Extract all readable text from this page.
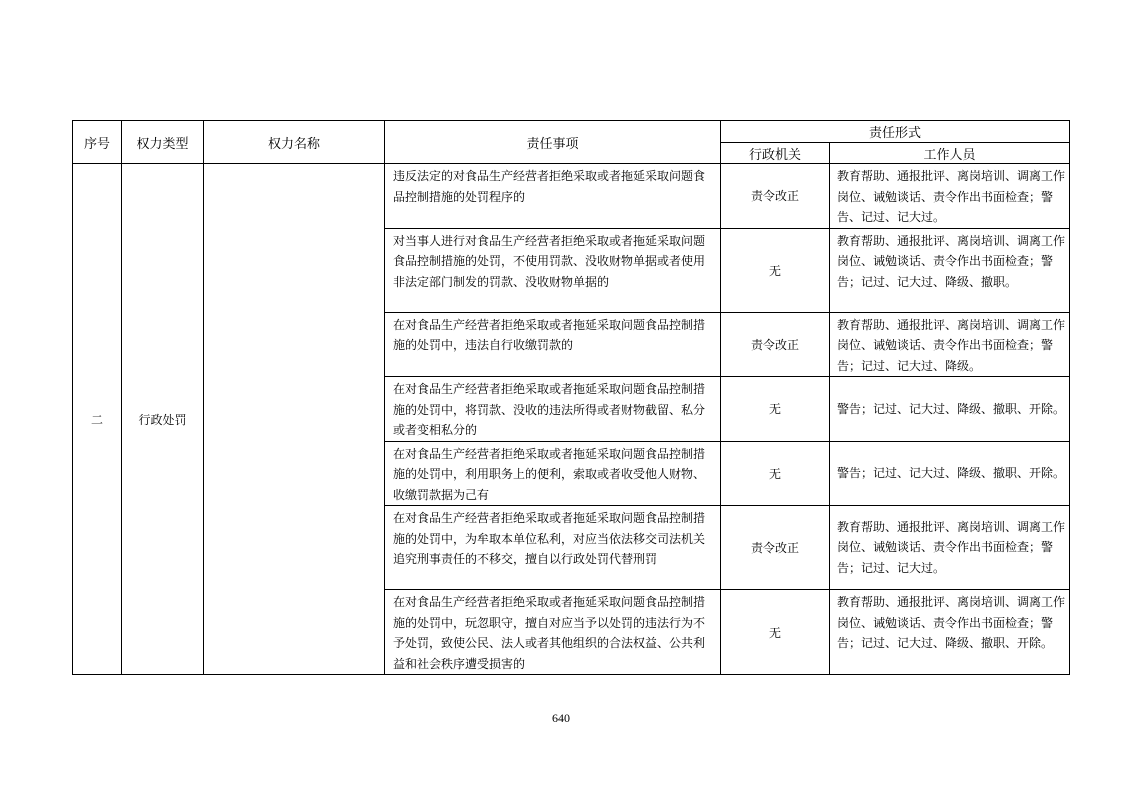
序号	权力类型	权力名称	责任事项	责任形式	
				行政机关	工作人员
二	行政处罚		违反法定的对食品生产经营者拒绝采取或者拖延采取问题食品控制措施的处罚程序的	责令改正	教育帮助、通报批评、离岗培训、调离工作岗位、诫勉谈话、责令作出书面检查；警告、记过、记大过。
			对当事人进行对食品生产经营者拒绝采取或者拖延采取问题食品控制措施的处罚，不使用罚款、没收财物单据或者使用非法定部门制发的罚款、没收财物单据的	无	教育帮助、通报批评、离岗培训、调离工作岗位、诫勉谈话、责令作出书面检查；警告；记过、记大过、降级、撤职。
			在对食品生产经营者拒绝采取或者拖延采取问题食品控制措施的处罚中，违法自行收缴罚款的	责令改正	教育帮助、通报批评、离岗培训、调离工作岗位、诫勉谈话、责令作出书面检查；警告；记过、记大过、降级。
			在对食品生产经营者拒绝采取或者拖延采取问题食品控制措施的处罚中，将罚款、没收的违法所得或者财物截留、私分或者变相私分的	无	警告；记过、记大过、降级、撤职、开除。
			在对食品生产经营者拒绝采取或者拖延采取问题食品控制措施的处罚中，利用职务上的便利，索取或者收受他人财物、收缴罚款据为己有	无	警告；记过、记大过、降级、撤职、开除。
			在对食品生产经营者拒绝采取或者拖延采取问题食品控制措施的处罚中，为牟取本单位私利，对应当依法移交司法机关追究刑事责任的不移交，擅自以行政处罚代替刑罚	责令改正	教育帮助、通报批评、离岗培训、调离工作岗位、诫勉谈话、责令作出书面检查；警告；记过、记大过。
			在对食品生产经营者拒绝采取或者拖延采取问题食品控制措施的处罚中，玩忽职守，擅自对应当予以处罚的违法行为不予处罚，致使公民、法人或者其他组织的合法权益、公共利益和社会秩序遭受损害的	无	教育帮助、通报批评、离岗培训、调离工作岗位、诫勉谈话、责令作出书面检查；警告；记过、记大过、降级、撤职、开除。
640
